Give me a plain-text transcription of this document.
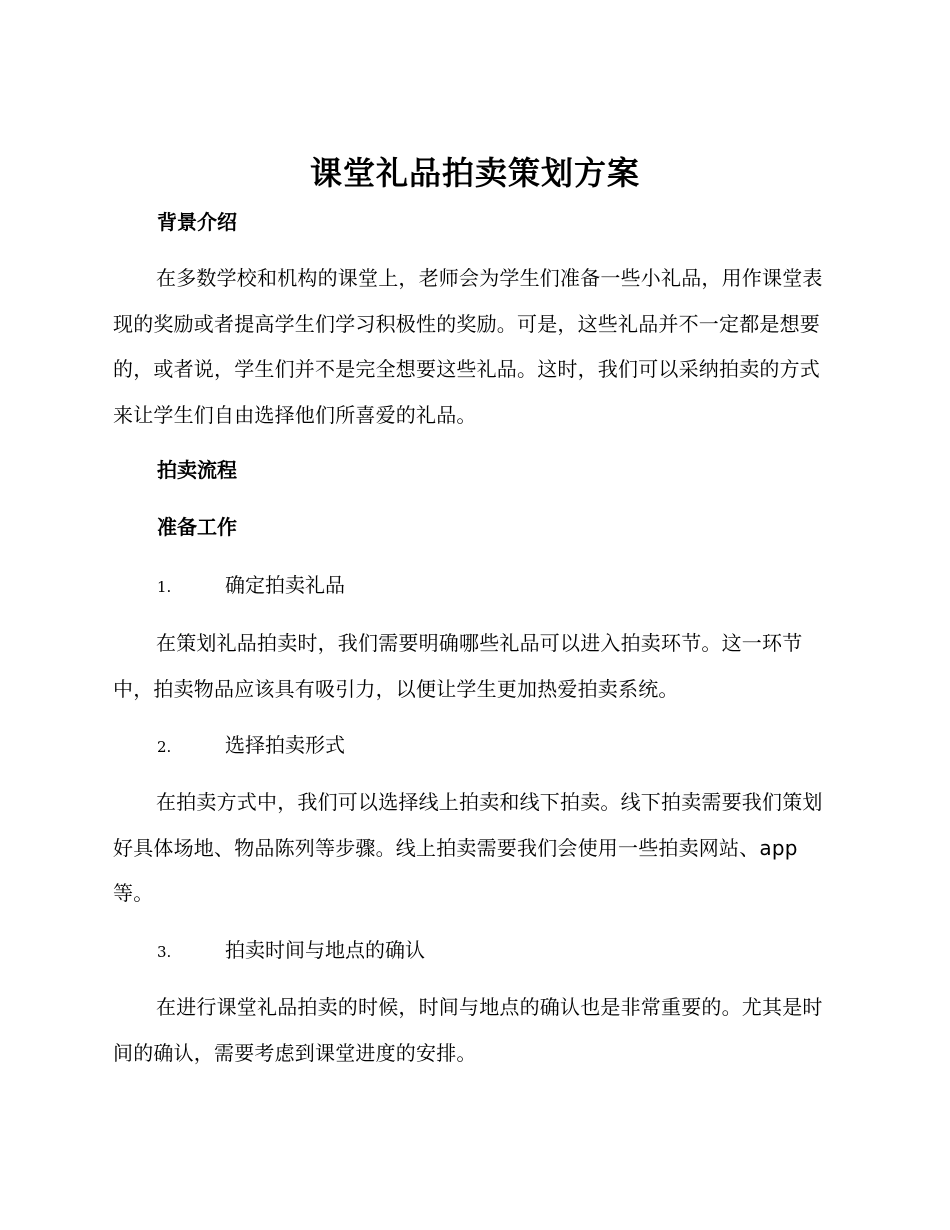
课堂礼品拍卖策划方案
背景介绍
在多数学校和机构的课堂上，老师会为学生们准备一些小礼品，用作课堂表现的奖励或者提高学生们学习积极性的奖励。可是，这些礼品并不一定都是想要的，或者说，学生们并不是完全想要这些礼品。这时，我们可以采纳拍卖的方式来让学生们自由选择他们所喜爱的礼品。
拍卖流程
准备工作
1.	确定拍卖礼品
在策划礼品拍卖时，我们需要明确哪些礼品可以进入拍卖环节。这一环节中，拍卖物品应该具有吸引力，以便让学生更加热爱拍卖系统。
2.	选择拍卖形式
在拍卖方式中，我们可以选择线上拍卖和线下拍卖。线下拍卖需要我们策划好具体场地、物品陈列等步骤。线上拍卖需要我们会使用一些拍卖网站、app 等。
3.	拍卖时间与地点的确认
在进行课堂礼品拍卖的时候，时间与地点的确认也是非常重要的。尤其是时间的确认，需要考虑到课堂进度的安排。
